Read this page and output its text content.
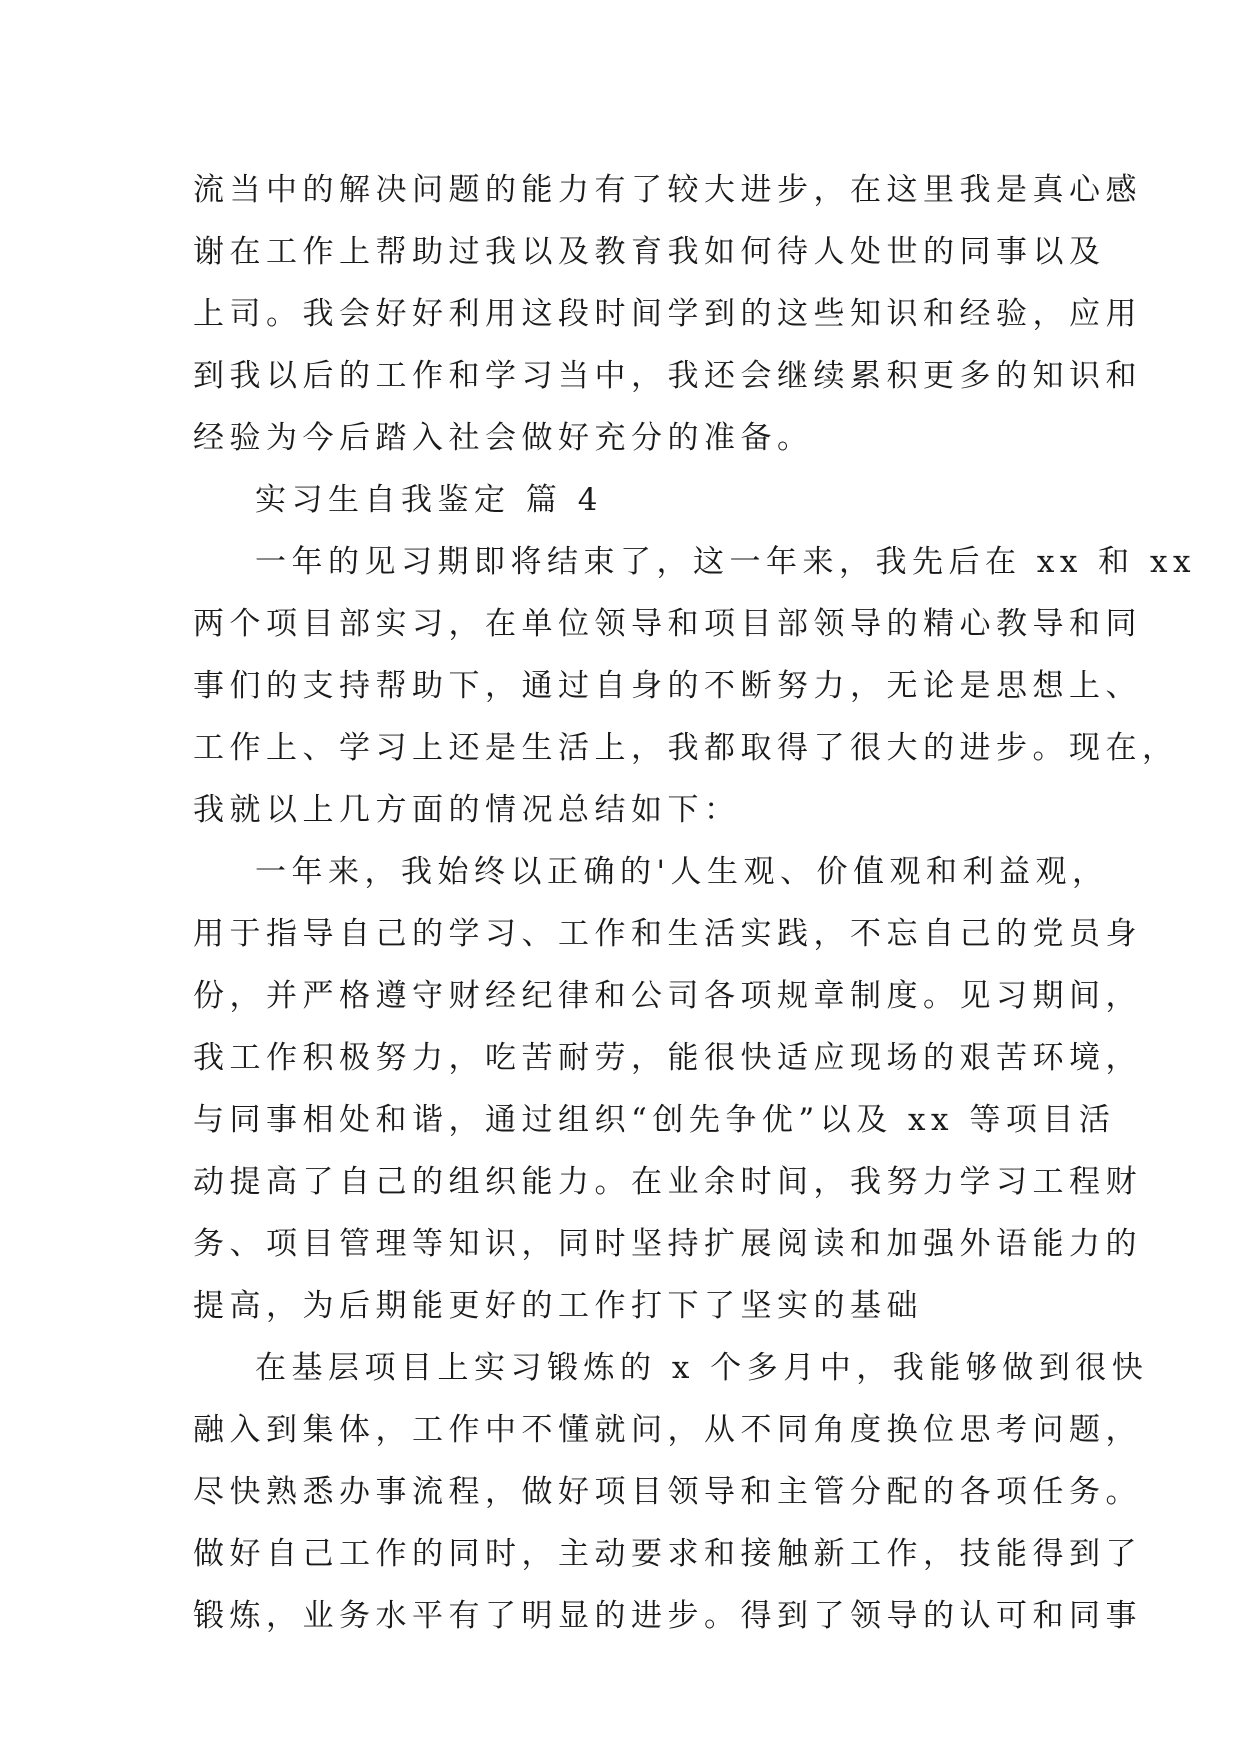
流当中的解决问题的能力有了较大进步，在这里我是真心感
谢在工作上帮助过我以及教育我如何待人处世的同事以及
上司。我会好好利用这段时间学到的这些知识和经验，应用
到我以后的工作和学习当中，我还会继续累积更多的知识和
经验为今后踏入社会做好充分的准备。
实习生自我鉴定 篇 4
一年的见习期即将结束了，这一年来，我先后在 xx 和 xx
两个项目部实习，在单位领导和项目部领导的精心教导和同
事们的支持帮助下，通过自身的不断努力，无论是思想上、
工作上、学习上还是生活上，我都取得了很大的进步。现在，
我就以上几方面的情况总结如下：
一年来，我始终以正确的'人生观、价值观和利益观，
用于指导自己的学习、工作和生活实践，不忘自己的党员身
份，并严格遵守财经纪律和公司各项规章制度。见习期间，
我工作积极努力，吃苦耐劳，能很快适应现场的艰苦环境，
与同事相处和谐，通过组织“创先争优”以及 xx 等项目活
动提高了自己的组织能力。在业余时间，我努力学习工程财
务、项目管理等知识，同时坚持扩展阅读和加强外语能力的
提高，为后期能更好的工作打下了坚实的基础
在基层项目上实习锻炼的 x 个多月中，我能够做到很快
融入到集体，工作中不懂就问，从不同角度换位思考问题，
尽快熟悉办事流程，做好项目领导和主管分配的各项任务。
做好自己工作的同时，主动要求和接触新工作，技能得到了
锻炼，业务水平有了明显的进步。得到了领导的认可和同事
